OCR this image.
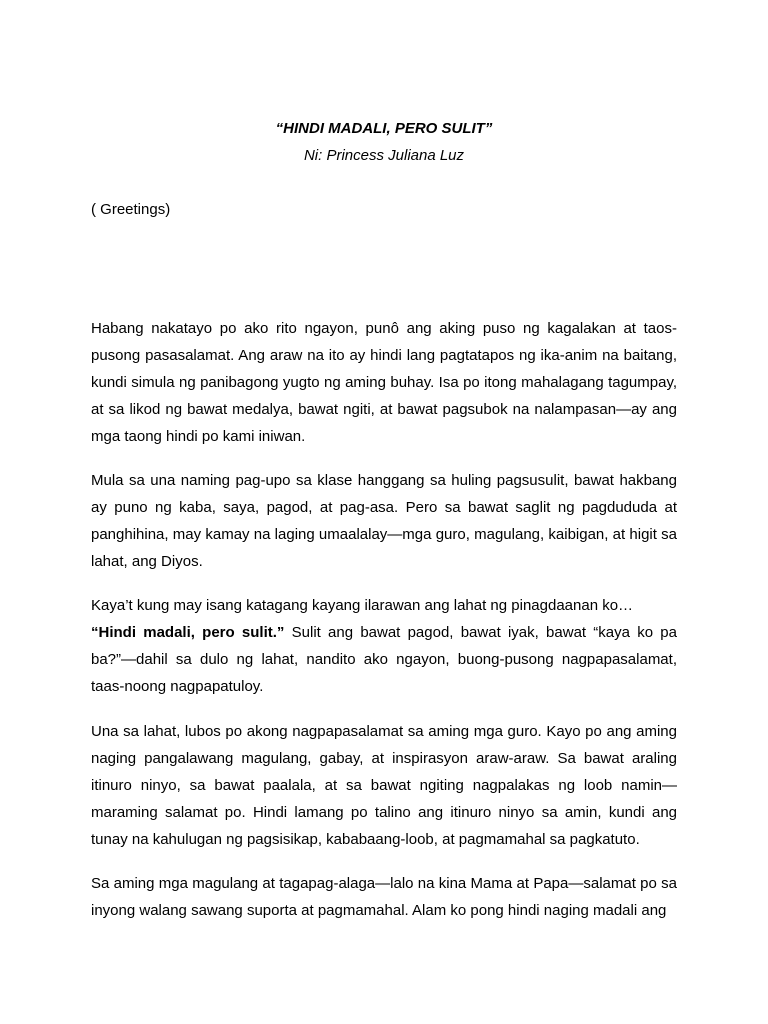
“HINDI MADALI, PERO SULIT”
Ni: Princess Juliana Luz
( Greetings)

Habang nakatayo po ako rito ngayon, punô ang aking puso ng kagalakan at taos-pusong pasasalamat. Ang araw na ito ay hindi lang pagtatapos ng ika-anim na baitang, kundi simula ng panibagong yugto ng aming buhay. Isa po itong mahalagang tagumpay, at sa likod ng bawat medalya, bawat ngiti, at bawat pagsubok na nalampasan—ay ang mga taong hindi po kami iniwan.

Mula sa una naming pag-upo sa klase hanggang sa huling pagsusulit, bawat hakbang ay puno ng kaba, saya, pagod, at pag-asa. Pero sa bawat saglit ng pagdududa at panghihina, may kamay na laging umaalalay—mga guro, magulang, kaibigan, at higit sa lahat, ang Diyos.

Kaya’t kung may isang katagang kayang ilarawan ang lahat ng pinagdaanan ko…
“Hindi madali, pero sulit.” Sulit ang bawat pagod, bawat iyak, bawat “kaya ko pa ba?”—dahil sa dulo ng lahat, nandito ako ngayon, buong-pusong nagpapasalamat, taas-noong nagpapatuloy.

Una sa lahat, lubos po akong nagpapasalamat sa aming mga guro. Kayo po ang aming naging pangalawang magulang, gabay, at inspirasyon araw-araw. Sa bawat araling itinuro ninyo, sa bawat paalala, at sa bawat ngiting nagpalakas ng loob namin—maraming salamat po. Hindi lamang po talino ang itinuro ninyo sa amin, kundi ang tunay na kahulugan ng pagsisikap, kababaang-loob, at pagmamahal sa pagkatuto.

Sa aming mga magulang at tagapag-alaga—lalo na kina Mama at Papa—salamat po sa inyong walang sawang suporta at pagmamahal. Alam ko pong hindi naging madali ang
